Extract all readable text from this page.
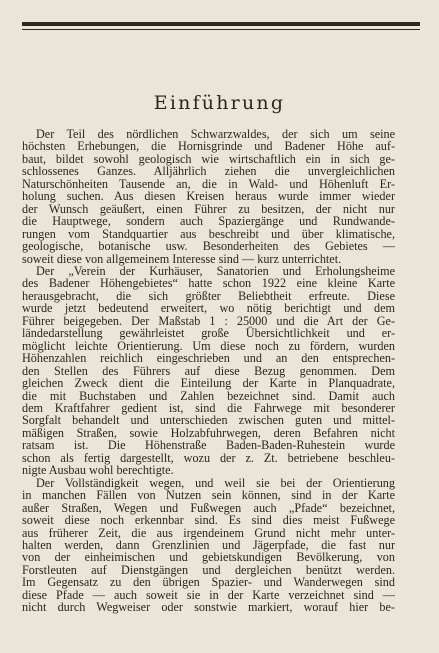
Einführung
Der Teil des nördlichen Schwarzwaldes, der sich um seine
höchsten Erhebungen, die Hornisgrinde und Badener Höhe auf-
baut, bildet sowohl geologisch wie wirtschaftlich ein in sich ge-
schlossenes Ganzes. Alljährlich ziehen die unvergleichlichen
Naturschönheiten Tausende an, die in Wald- und Höhenluft Er-
holung suchen. Aus diesen Kreisen heraus wurde immer wieder
der Wunsch geäußert, einen Führer zu besitzen, der nicht nur
die Hauptwege, sondern auch Spaziergänge und Rundwande-
rungen vom Standquartier aus beschreibt und über klimatische,
geologische, botanische usw. Besonderheiten des Gebietes —
soweit diese von allgemeinem Interesse sind — kurz unterrichtet.
Der „Verein der Kurhäuser, Sanatorien und Erholungsheime
des Badener Höhengebietes“ hatte schon 1922 eine kleine Karte
herausgebracht, die sich größter Beliebtheit erfreute. Diese
wurde jetzt bedeutend erweitert, wo nötig berichtigt und dem
Führer beigegeben. Der Maßstab 1 : 25000 und die Art der Ge-
ländedarstellung gewährleistet große Übersichtlichkeit und er-
möglicht leichte Orientierung. Um diese noch zu fördern, wurden
Höhenzahlen reichlich eingeschrieben und an den entsprechen-
den Stellen des Führers auf diese Bezug genommen. Dem
gleichen Zweck dient die Einteilung der Karte in Planquadrate,
die mit Buchstaben und Zahlen bezeichnet sind. Damit auch
dem Kraftfahrer gedient ist, sind die Fahrwege mit besonderer
Sorgfalt behandelt und unterschieden zwischen guten und mittel-
mäßigen Straßen, sowie Holzabfuhrwegen, deren Befahren nicht
ratsam ist. Die Höhenstraße Baden-Baden-Ruhestein wurde
schon als fertig dargestellt, wozu der z. Zt. betriebene beschleu-
nigte Ausbau wohl berechtigte.
Der Vollständigkeit wegen, und weil sie bei der Orientierung
in manchen Fällen von Nutzen sein können, sind in der Karte
außer Straßen, Wegen und Fußwegen auch „Pfade“ bezeichnet,
soweit diese noch erkennbar sind. Es sind dies meist Fußwege
aus früherer Zeit, die aus irgendeinem Grund nicht mehr unter-
halten werden, dann Grenzlinien und Jägerpfade, die fast nur
von der einheimischen und gebietskundigen Bevölkerung, von
Forstleuten auf Dienstgängen und dergleichen benützt werden.
Im Gegensatz zu den übrigen Spazier- und Wanderwegen sind
diese Pfade — auch soweit sie in der Karte verzeichnet sind —
nicht durch Wegweiser oder sonstwie markiert, worauf hier be-
